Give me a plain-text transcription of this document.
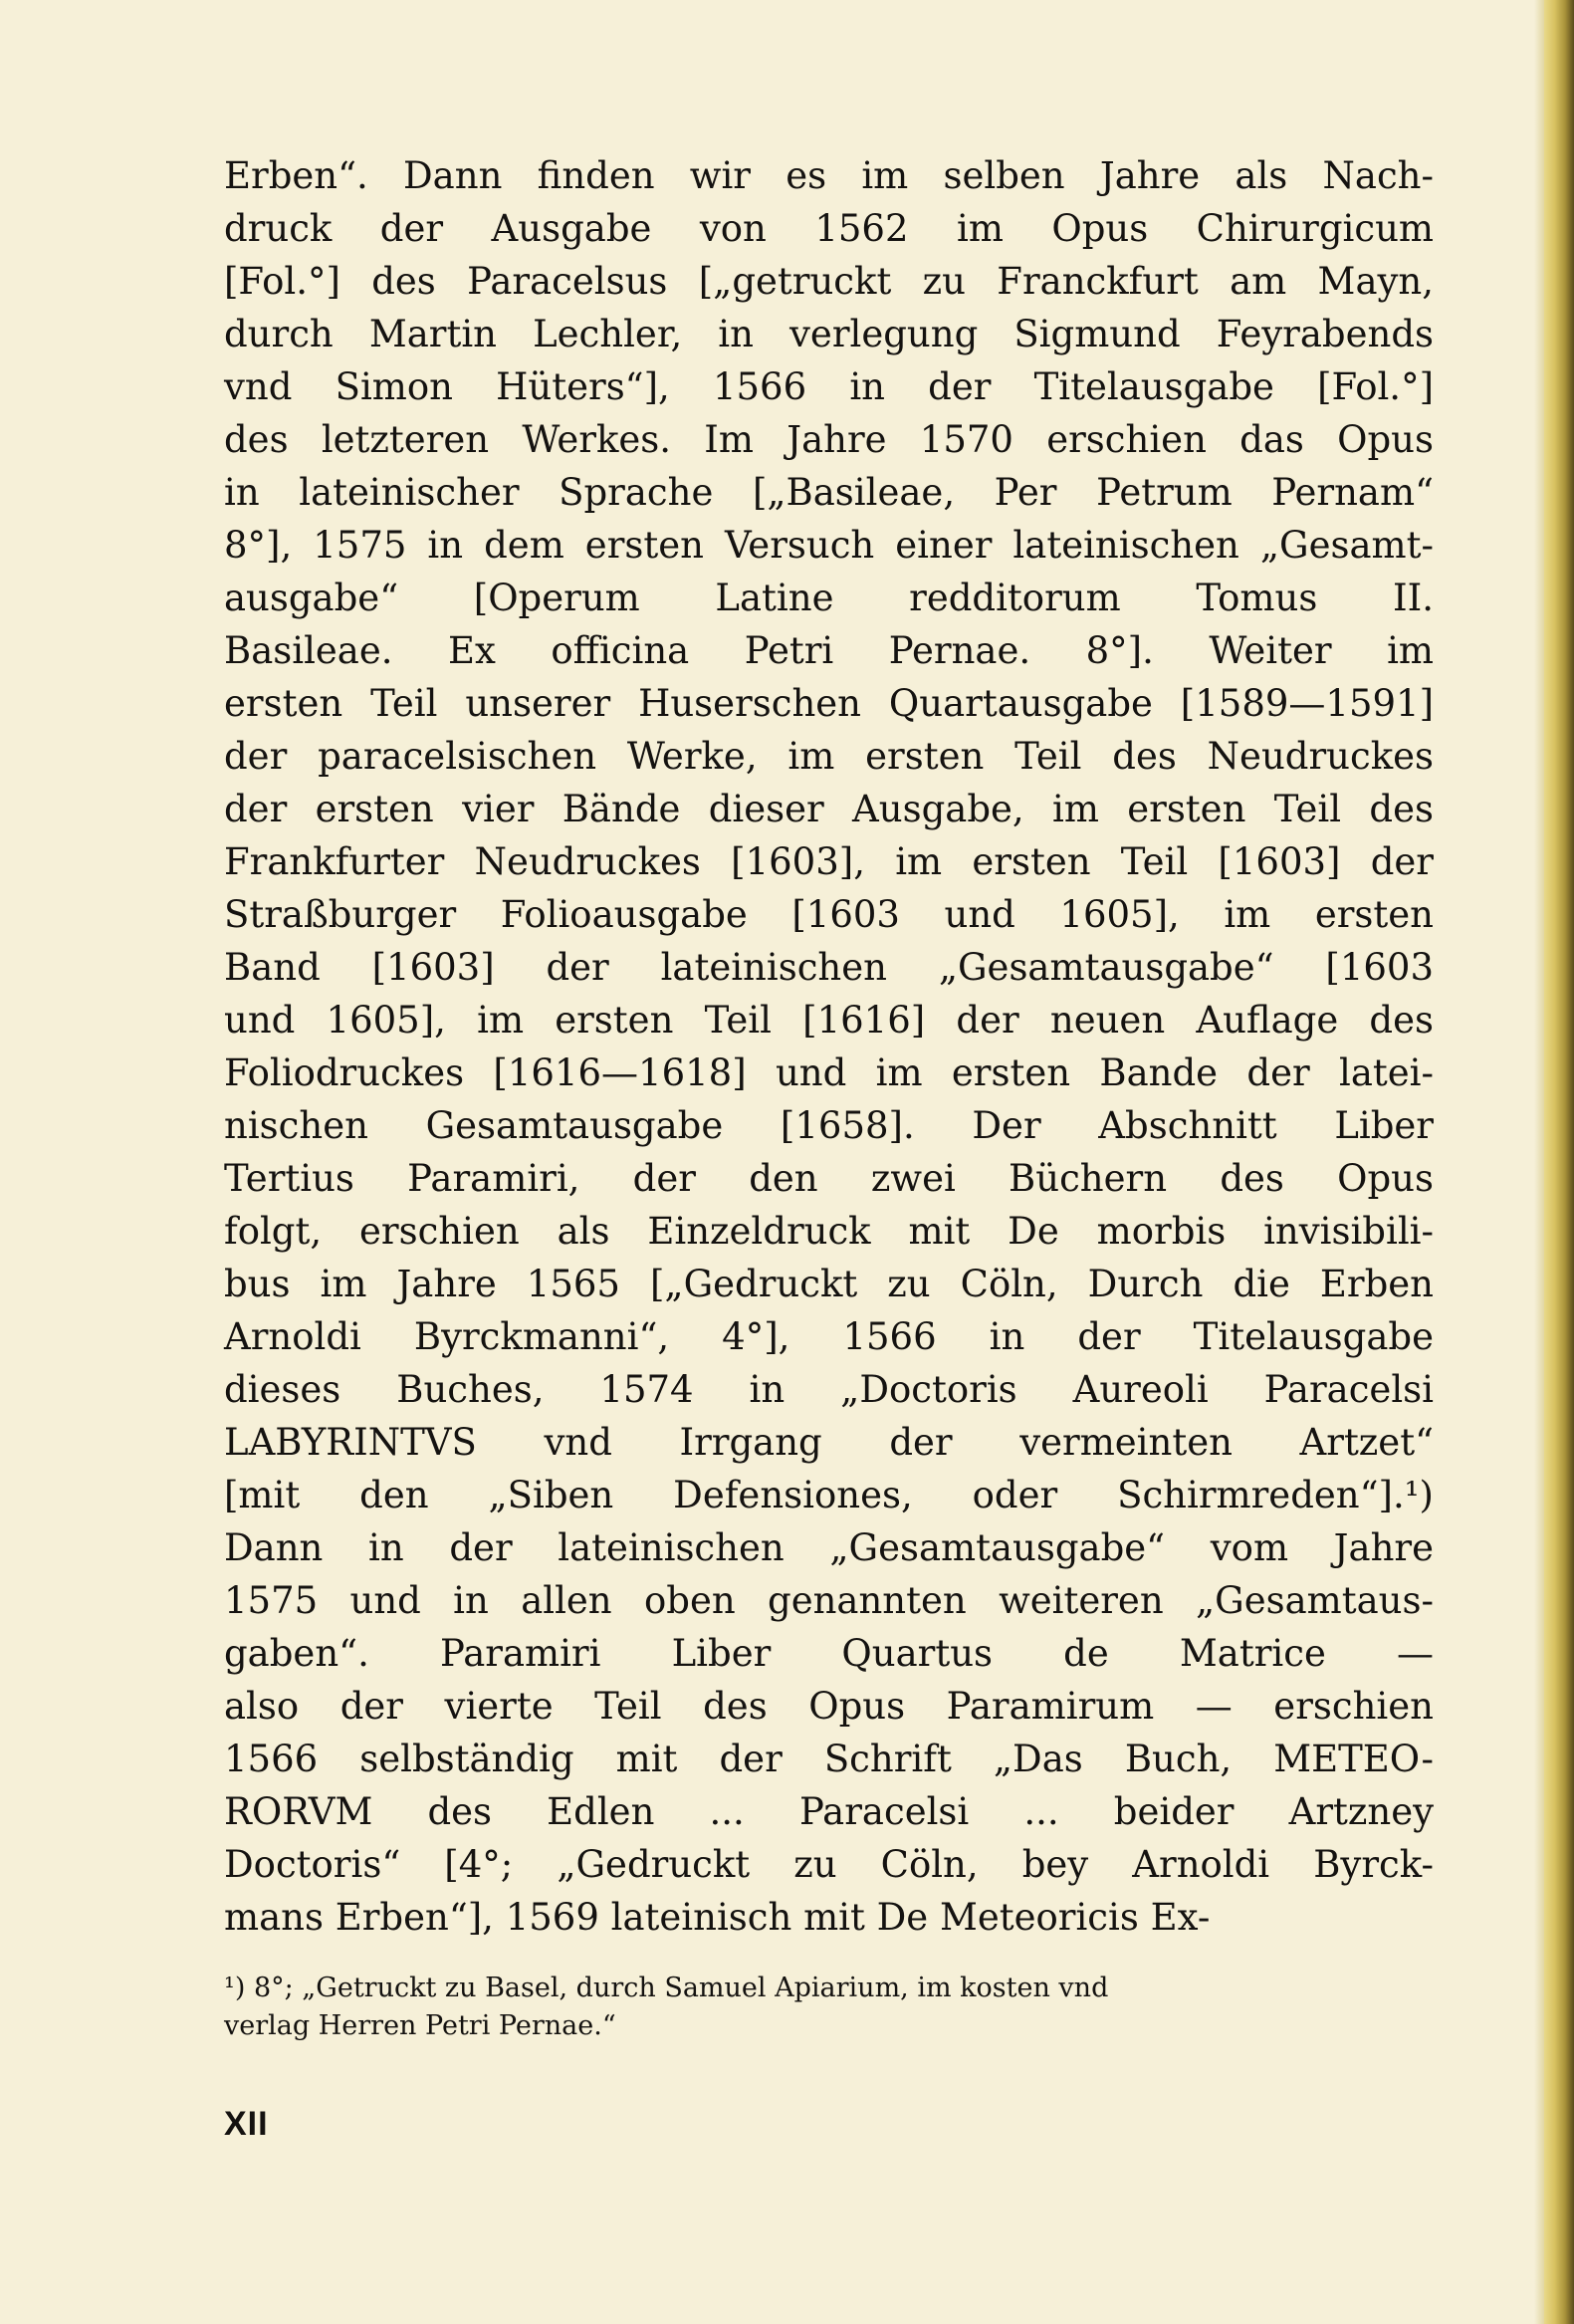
Erben“. Dann finden wir es im selben Jahre als Nach-
druck der Ausgabe von 1562 im Opus Chirurgicum
[Fol.°] des Paracelsus [„getruckt zu Franckfurt am Mayn,
durch Martin Lechler, in verlegung Sigmund Feyrabends
vnd Simon Hüters“], 1566 in der Titelausgabe [Fol.°]
des letzteren Werkes. Im Jahre 1570 erschien das Opus
in lateinischer Sprache [„Basileae, Per Petrum Pernam“
8°], 1575 in dem ersten Versuch einer lateinischen „Gesamt-
ausgabe“ [Operum Latine redditorum Tomus II.
Basileae. Ex officina Petri Pernae. 8°]. Weiter im
ersten Teil unserer Huserschen Quartausgabe [1589—1591]
der paracelsischen Werke, im ersten Teil des Neudruckes
der ersten vier Bände dieser Ausgabe, im ersten Teil des
Frankfurter Neudruckes [1603], im ersten Teil [1603] der
Straßburger Folioausgabe [1603 und 1605], im ersten
Band [1603] der lateinischen „Gesamtausgabe“ [1603
und 1605], im ersten Teil [1616] der neuen Auflage des
Foliodruckes [1616—1618] und im ersten Bande der latei-
nischen Gesamtausgabe [1658]. Der Abschnitt Liber
Tertius Paramiri, der den zwei Büchern des Opus
folgt, erschien als Einzeldruck mit De morbis invisibili-
bus im Jahre 1565 [„Gedruckt zu Cöln, Durch die Erben
Arnoldi Byrckmanni“, 4°], 1566 in der Titelausgabe
dieses Buches, 1574 in „Doctoris Aureoli Paracelsi
LABYRINTVS vnd Irrgang der vermeinten Artzet“
[mit den „Siben Defensiones, oder Schirmreden“].¹)
Dann in der lateinischen „Gesamtausgabe“ vom Jahre
1575 und in allen oben genannten weiteren „Gesamtaus-
gaben“. Paramiri Liber Quartus de Matrice —
also der vierte Teil des Opus Paramirum — erschien
1566 selbständig mit der Schrift „Das Buch, METEO-
RORVM des Edlen ... Paracelsi ... beider Artzney
Doctoris“ [4°; „Gedruckt zu Cöln, bey Arnoldi Byrck-
mans Erben“], 1569 lateinisch mit De Meteoricis Ex-
¹) 8°; „Getruckt zu Basel, durch Samuel Apiarium, im kosten vnd
verlag Herren Petri Pernae.“
XII
